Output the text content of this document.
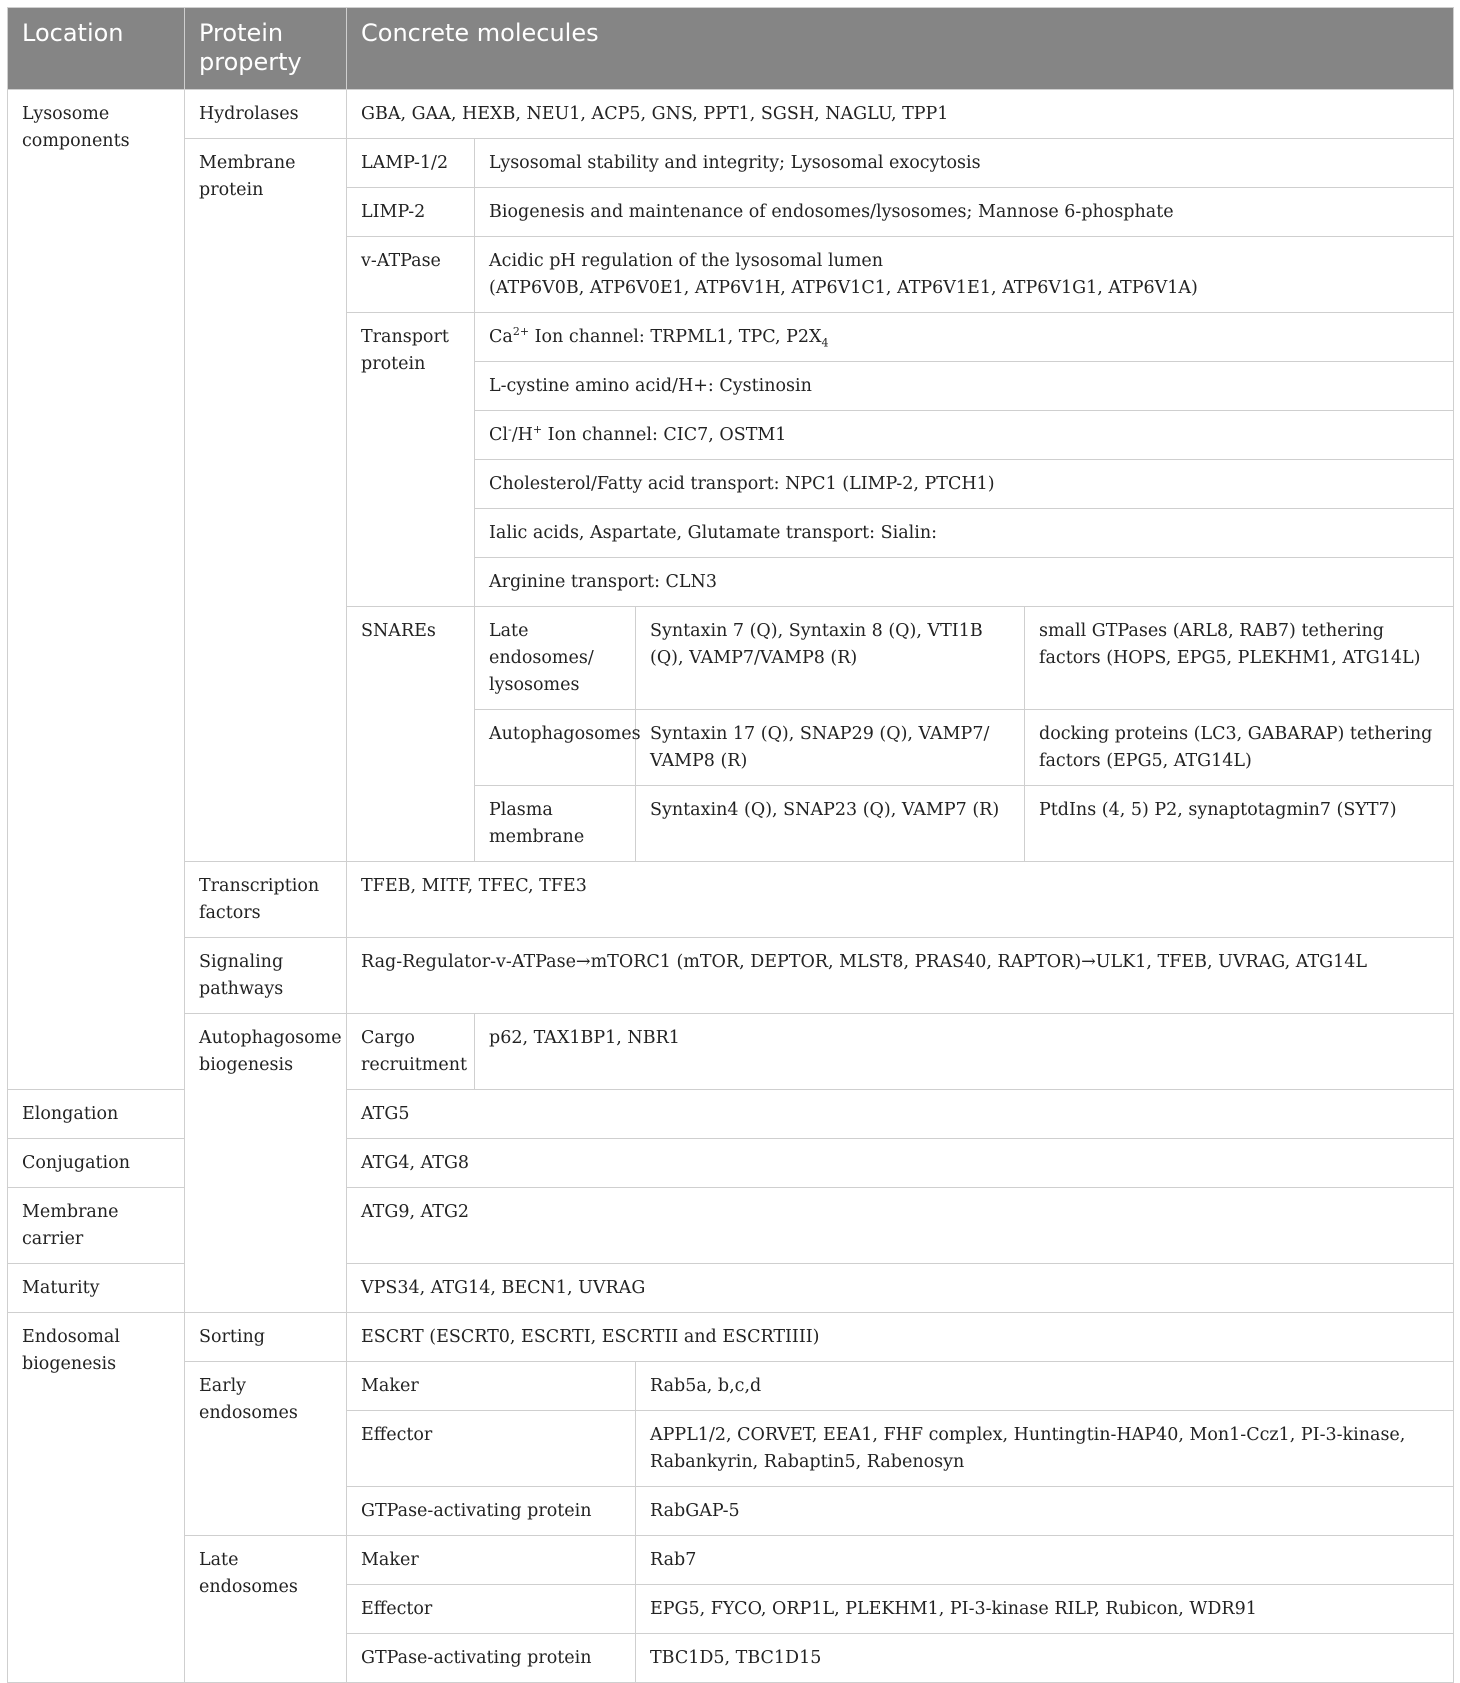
Location	Protein property	Concrete molecules			
Lysosome components	Hydrolases	GBA, GAA, HEXB, NEU1, ACP5, GNS, PPT1, SGSH, NAGLU, TPP1			
	Membrane protein	LAMP-1/2	Lysosomal stability and integrity; Lysosomal exocytosis		
		LIMP-2	Biogenesis and maintenance of endosomes/lysosomes; Mannose 6-phosphate		
		v-ATPase	Acidic pH regulation of the lysosomal lumen
(ATP6V0B, ATP6V0E1, ATP6V1H, ATP6V1C1, ATP6V1E1, ATP6V1G1, ATP6V1A)		
		Transport protein	$Ca^{2+}$ Ion channel: TRPML1, TPC, $P2X_4$
			L-cystine amino acid/H+: Cystinosin		
			Cl-/H+ Ion channel: CIC7, OSTM1		
			Cholesterol/Fatty acid transport: NPC1 (LIMP-2, PTCH1)		
			Ialic acids, Aspartate, Glutamate transport: Sialin:		
			Arginine transport: CLN3		
		SNAREs	Late endosomes/ lysosomes	Syntaxin 7 (Q), Syntaxin 8 (Q), VTI1B (Q), VAMP7/VAMP8 (R)	small GTPases (ARL8, RAB7) tethering factors (HOPS, EPG5, PLEKHM1, ATG14L)
			Autophagosomes	Syntaxin 17 (Q), SNAP29 (Q), VAMP7/ VAMP8 (R)	docking proteins (LC3, GABARAP) tethering factors (EPG5, ATG14L)
			Plasma membrane	Syntaxin4 (Q), SNAP23 (Q), VAMP7 (R)	PtdIns (4, 5) P2, synaptotagmin7 (SYT7)
	Transcription factors	TFEB, MITF, TFEC, TFE3			
	Signaling pathways	Rag-Regulator-v-ATPase→mTORC1 (mTOR, DEPTOR, MLST8, PRAS40, RAPTOR)→ULK1, TFEB, UVRAG, ATG14L			
	Autophagosome biogenesis	Cargo recruitment	p62, TAX1BP1, NBR1		
Elongation		ATG5			
Conjugation		ATG4, ATG8			
Membrane carrier		ATG9, ATG2			
Maturity		VPS34, ATG14, BECN1, UVRAG			
Endosomal biogenesis	Sorting	ESCRT (ESCRT0, ESCRTI, ESCRTII and ESCRTIIII)			
	Early endosomes	Maker		Rab5a, b,c,d	
		Effector		APPL1/2, CORVET, EEA1, FHF complex, Huntingtin-HAP40, Mon1-Ccz1, PI-3-kinase, Rabankyrin, Rabaptin5, Rabenosyn	
		GTPase-activating protein		RabGAP-5	
	Late endosomes	Maker		Rab7	
		Effector		EPG5, FYCO, ORP1L, PLEKHM1, PI-3-kinase RILP, Rubicon, WDR91	
		GTPase-activating protein		TBC1D5, TBC1D15	
